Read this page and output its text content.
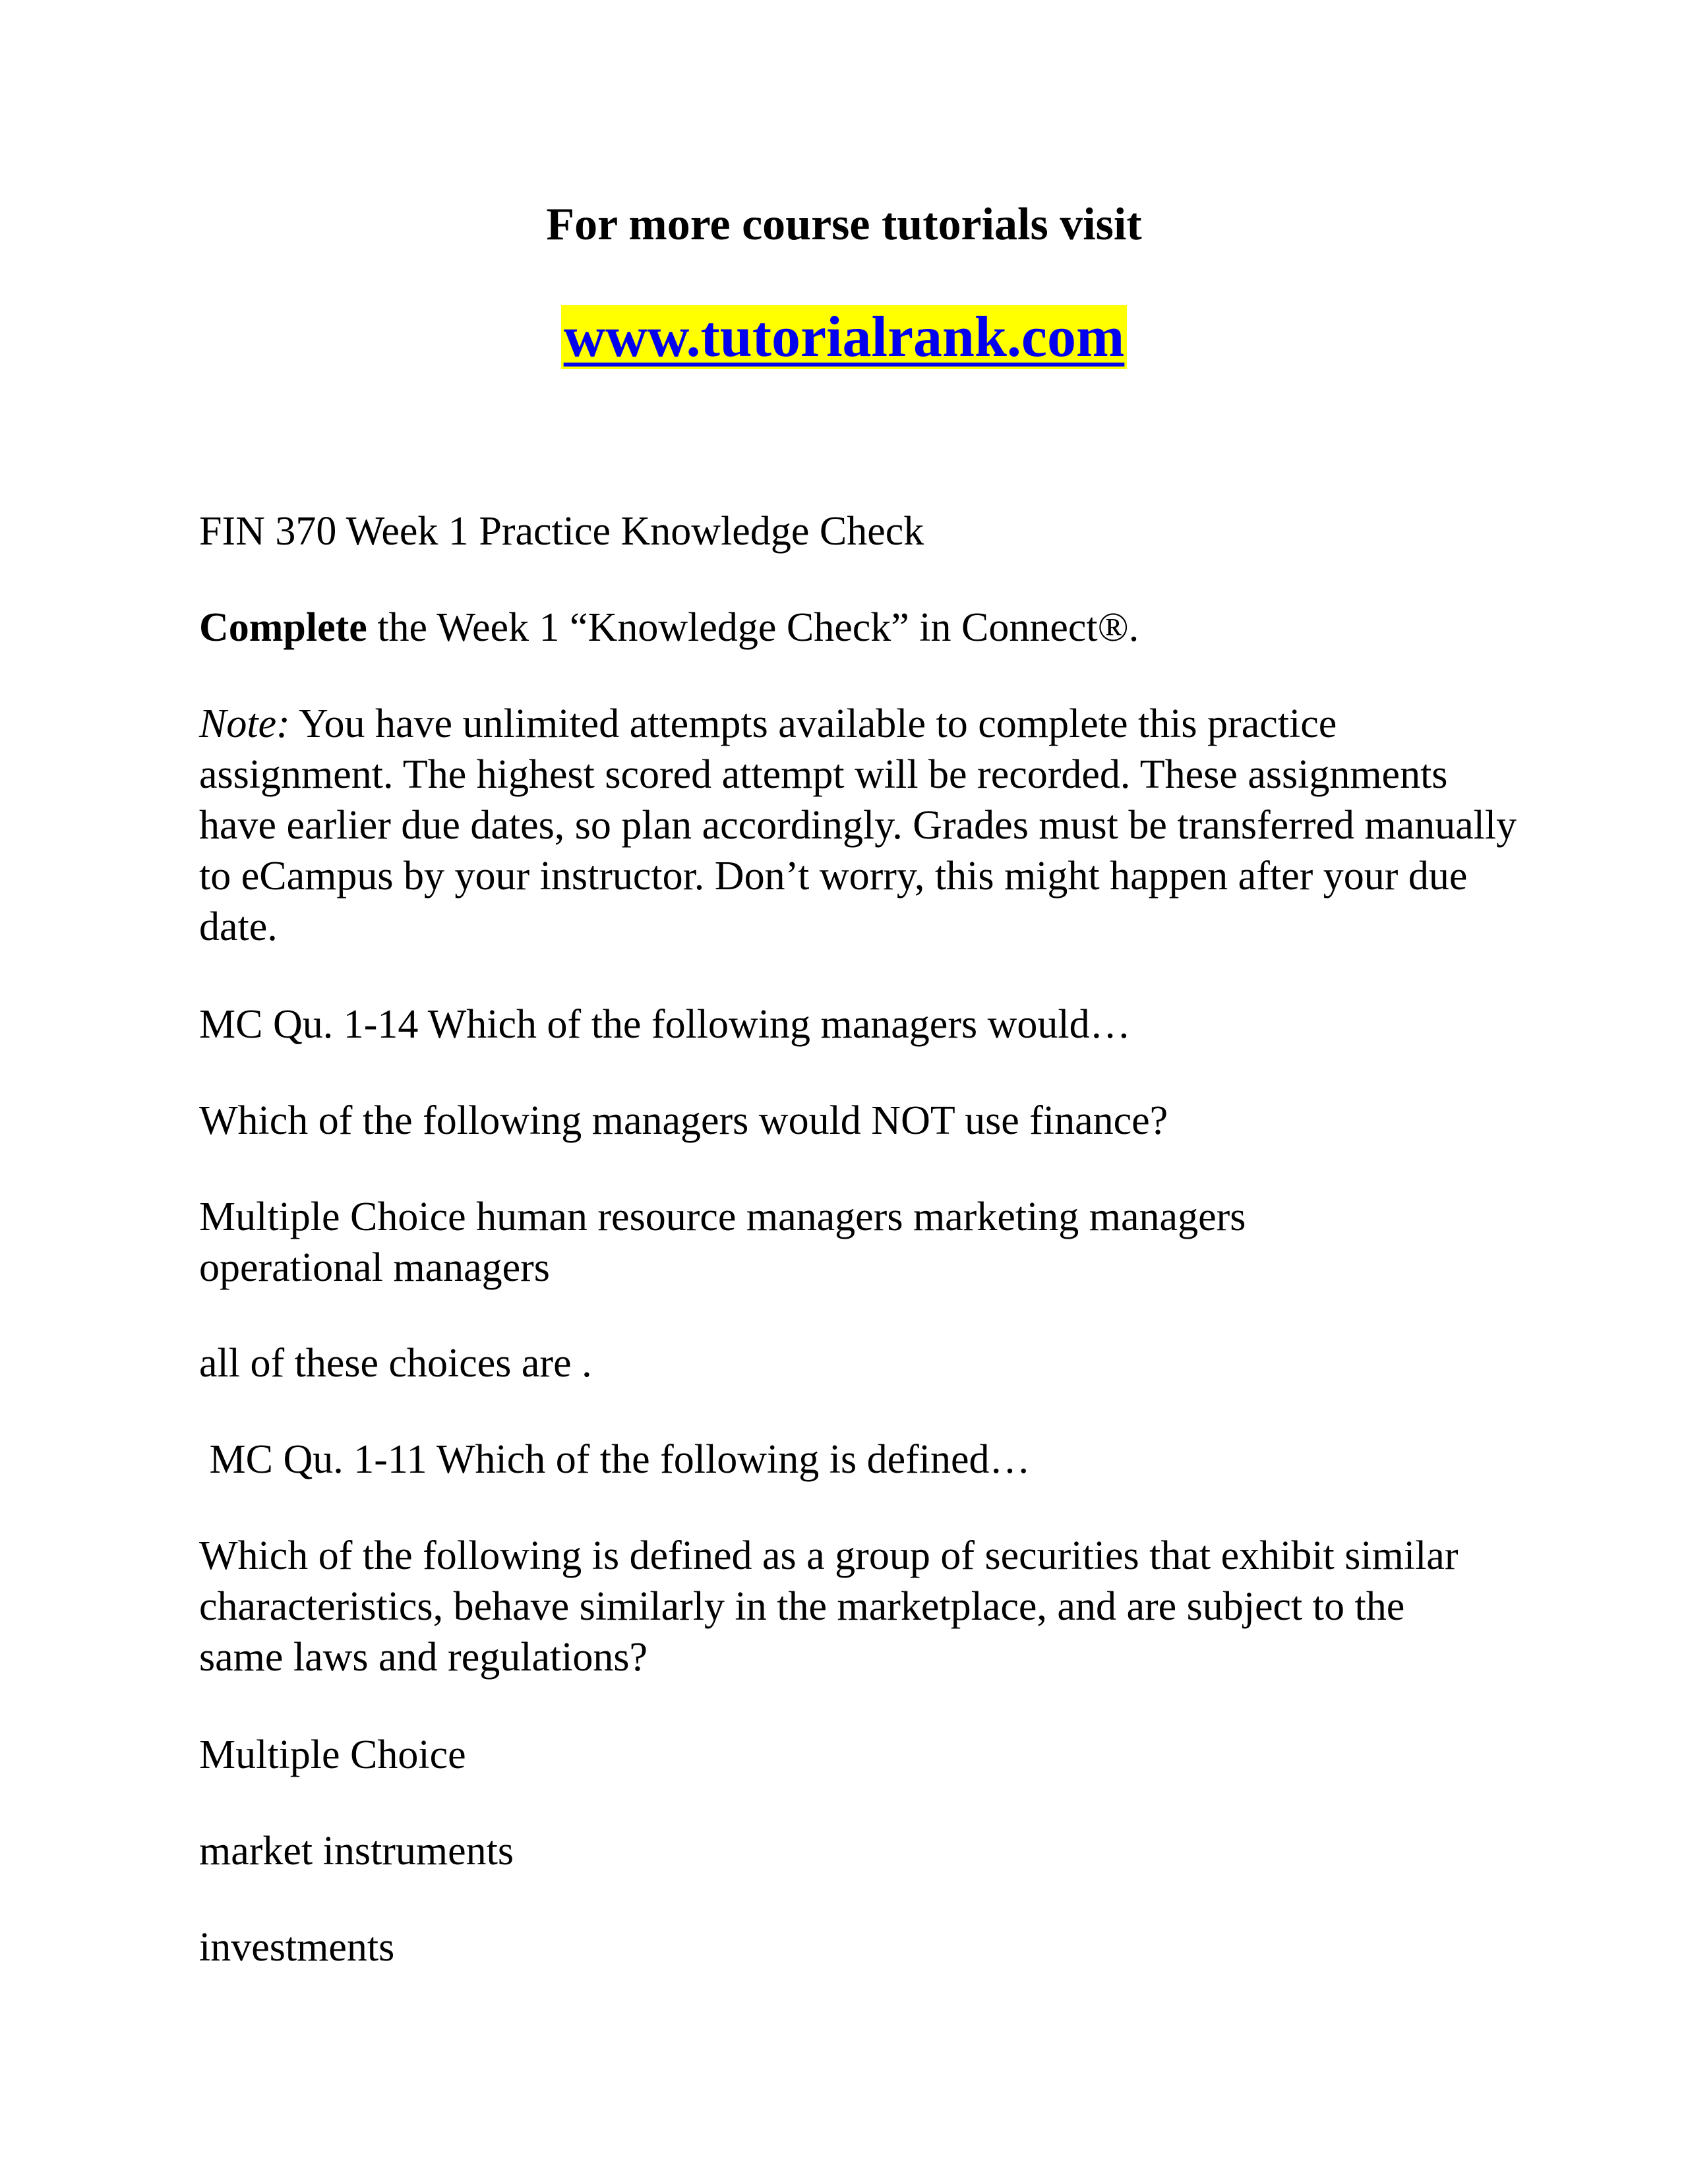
For more course tutorials visit
www.tutorialrank.com

FIN 370 Week 1 Practice Knowledge Check

Complete the Week 1 “Knowledge Check” in Connect®.

Note: You have unlimited attempts available to complete this practice assignment. The highest scored attempt will be recorded. These assignments have earlier due dates, so plan accordingly. Grades must be transferred manually to eCampus by your instructor. Don’t worry, this might happen after your due date.

MC Qu. 1-14 Which of the following managers would…

Which of the following managers would NOT use finance?

Multiple Choice human resource managers marketing managers operational managers

all of these choices are .

MC Qu. 1-11 Which of the following is defined…

Which of the following is defined as a group of securities that exhibit similar characteristics, behave similarly in the marketplace, and are subject to the same laws and regulations?

Multiple Choice

market instruments

investments
